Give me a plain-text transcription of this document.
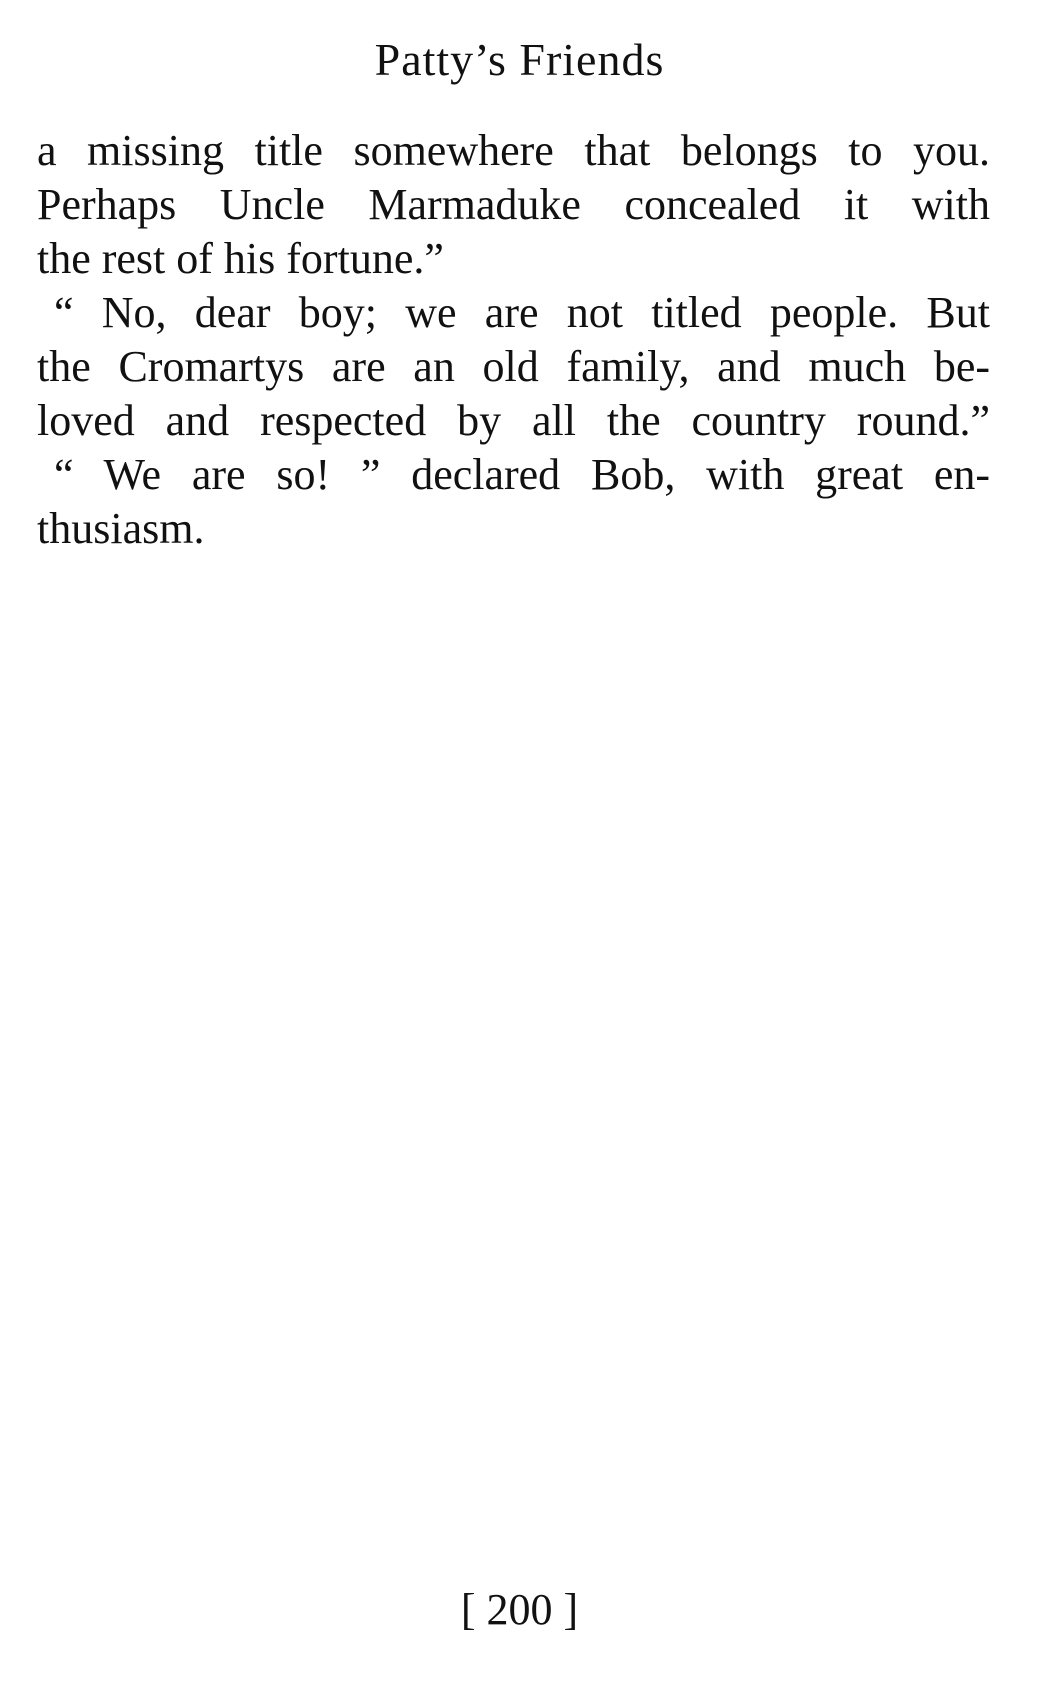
Patty’s Friends
a missing title somewhere that belongs to you.
Perhaps Uncle Marmaduke concealed it with
the rest of his fortune.”
“ No, dear boy; we are not titled people. But
the Cromartys are an old family, and much be-
loved and respected by all the country round.”
“ We are so! ” declared Bob, with great en-
thusiasm.
[ 200 ]
